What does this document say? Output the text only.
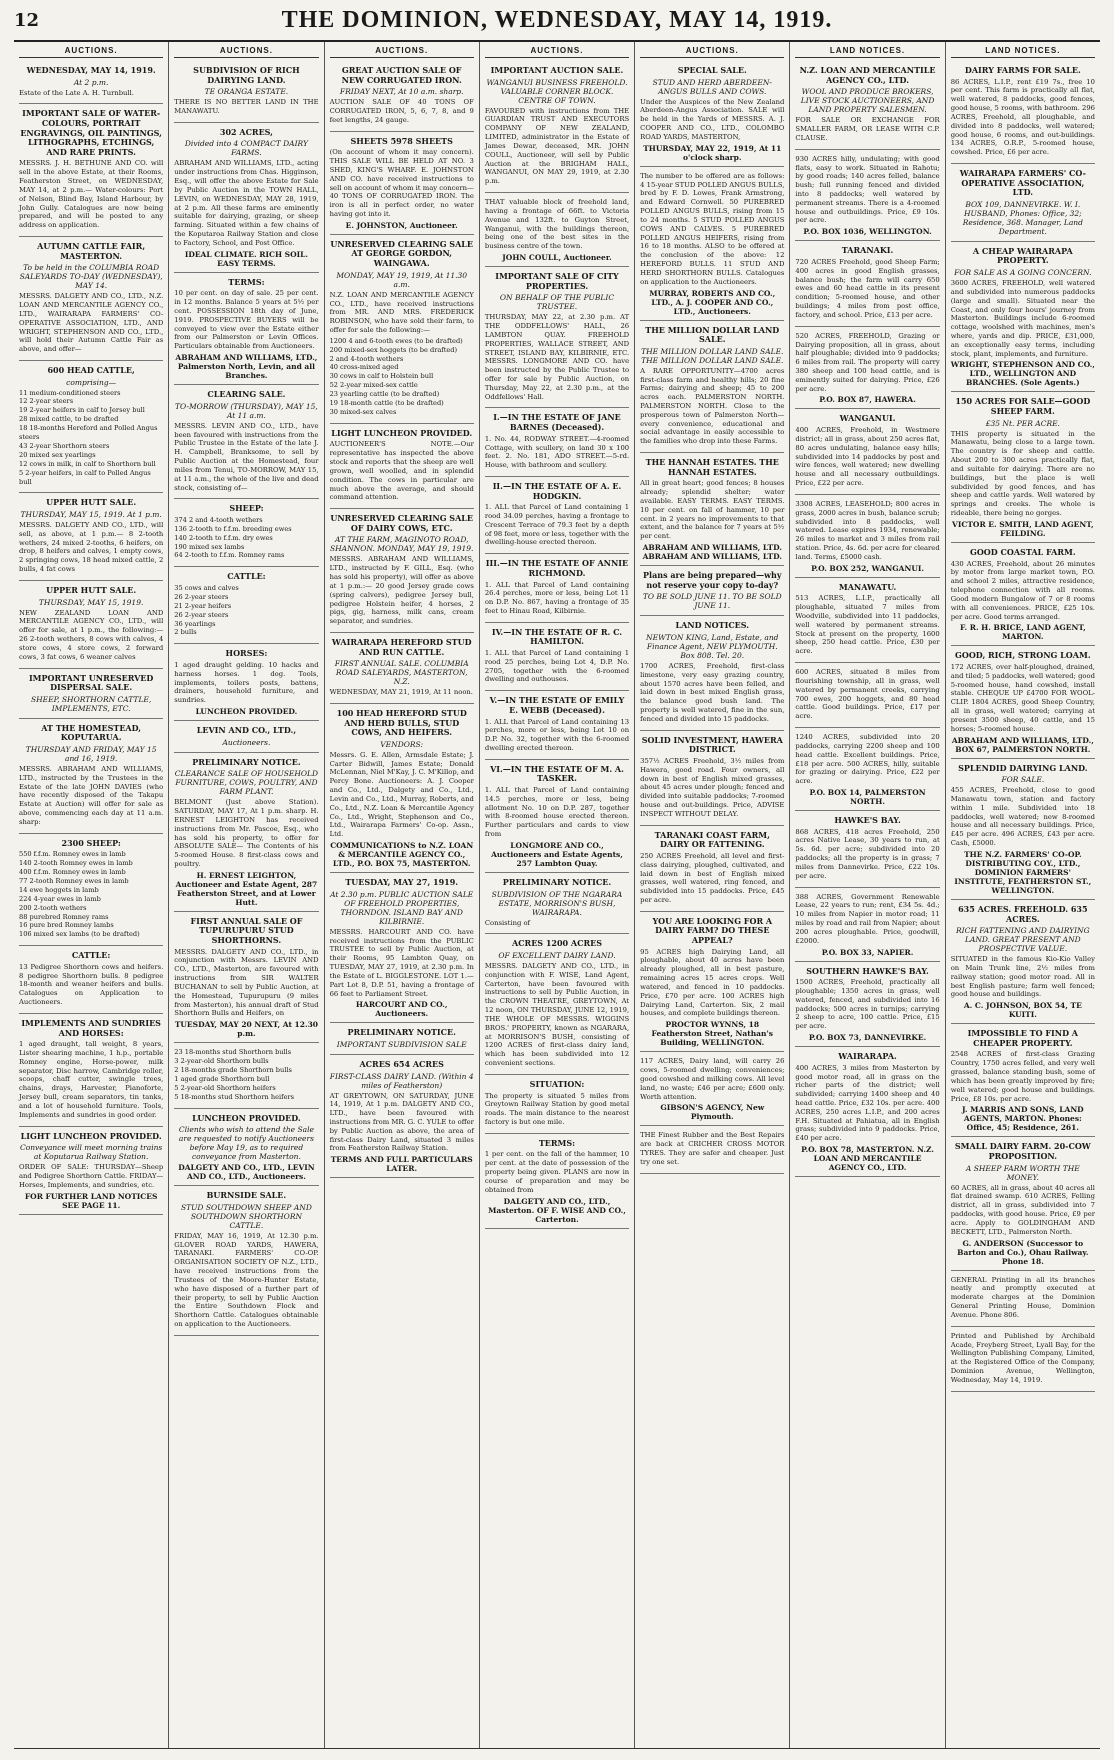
12	THE DOMINION, WEDNESDAY, MAY 14, 1919.
AUCTIONS.
WEDNESDAY, MAY 14, 1919.
At 2 p.m.
Estate of the Late A. H. Turnbull.
IMPORTANT SALE OF WATER-COLOURS, PORTRAIT ENGRAVINGS, OIL PAINTINGS, LITHOGRAPHS, ETCHINGS, AND RARE PRINTS.
MESSRS. J. H. BETHUNE AND CO. will sell in the above Estate, at their Rooms, Featherston Street, on WEDNESDAY, MAY 14, at 2 p.m.— Water-colours: Port of Nelson, Blind Bay, Island Harbour, by John Gully. Catalogues are now being prepared, and will be posted to any address on application.
AUTUMN CATTLE FAIR, MASTERTON.
To be held in the COLUMBIA ROAD SALEYARDS TO-DAY (WEDNESDAY), MAY 14.
MESSRS. DALGETY AND CO., LTD., N.Z. LOAN AND MERCANTILE AGENCY CO., LTD., WAIRARAPA FARMERS' CO-OPERATIVE ASSOCIATION, LTD., AND WRIGHT, STEPHENSON AND CO., LTD., will hold their Autumn Cattle Fair as above, and offer—
600 HEAD CATTLE,
comprising—
11 medium-conditioned steers
12 2-year steers
19 2-year heifers in calf to Jersey bull
28 mixed cattle, to be drafted
18 18-months Hereford and Polled Angus steers
43 2-year Shorthorn steers
20 mixed sex yearlings
12 cows in milk, in calf to Shorthorn bull
5 2-year heifers, in calf to Polled Angus bull
UPPER HUTT SALE.
THURSDAY, MAY 15, 1919. At 1 p.m.
MESSRS. DALGETY AND CO., LTD., will sell, as above, at 1 p.m.— 8 2-tooth wethers, 24 mixed 2-tooths, 6 heifers, on drop, 8 heifers and calves, 1 empty cows, 2 springing cows, 18 head mixed cattle, 2 bulls, 4 fat cows
UPPER HUTT SALE.
THURSDAY, MAY 15, 1919.
NEW ZEALAND LOAN AND MERCANTILE AGENCY CO., LTD., will offer for sale, at 1 p.m., the following:— 26 2-tooth wethers, 8 cows with calves, 4 store cows, 4 store cows, 2 forward cows, 3 fat cows, 6 weaner calves
IMPORTANT UNRESERVED DISPERSAL SALE.
SHEEP, SHORTHORN CATTLE, IMPLEMENTS, ETC.
AT THE HOMESTEAD, KOPUTARUA.
THURSDAY AND FRIDAY, MAY 15 and 16, 1919.
MESSRS. ABRAHAM AND WILLIAMS, LTD., instructed by the Trustees in the Estate of the late JOHN DAVIES (who have recently disposed of the Takapu Estate at Auction) will offer for sale as above, commencing each day at 11 a.m. sharp:
2300 SHEEP:
550 f.f.m. Romney ewes in lamb
140 2-tooth Romney ewes in lamb
400 f.f.m. Romney ewes in lamb
77 2-tooth Romney ewes in lamb
14 ewe hoggets in lamb
224 4-year ewes in lamb
200 2-tooth wethers
88 purebred Romney rams
16 pure bred Romney lambs
106 mixed sex lambs (to be drafted)
CATTLE:
13 Pedigree Shorthorn cows and heifers. 8 pedigree Shorthorn bulls. 8 pedigree 18-month and weaner heifers and bulls. Catalogues on Application to Auctioneers.
IMPLEMENTS AND SUNDRIES AND HORSES:
1 aged draught, tall weight, 8 years, Lister shearing machine, 1 h.p., portable Romney engine, Horse-power, milk separator, Disc harrow, Cambridge roller, scoops, chaff cutter, swingle trees, chains, drays, Harvester, Pianoforte, Jersey bull, cream separators, tin tanks, and a lot of household furniture. Tools, Implements and sundries in good order.
LIGHT LUNCHEON PROVIDED.
Conveyance will meet morning trains at Koputarua Railway Station.
ORDER OF SALE: THURSDAY—Sheep and Pedigree Shorthorn Cattle. FRIDAY—Horses, Implements, and sundries, etc.
FOR FURTHER LAND NOTICES SEE PAGE 11.
AUCTIONS.
SUBDIVISION OF RICH DAIRYING LAND.
TE ORANGA ESTATE.
THERE IS NO BETTER LAND IN THE MANAWATU.
302 ACRES,
Divided into 4 COMPACT DAIRY FARMS.
ABRAHAM AND WILLIAMS, LTD., acting under instructions from Chas. Higginson, Esq., will offer the above Estate for Sale by Public Auction in the TOWN HALL, LEVIN, on WEDNESDAY, MAY 28, 1919, at 2 p.m. All these farms are eminently suitable for dairying, grazing, or sheep farming. Situated within a few chains of the Koputaroa Railway Station and close to Factory, School, and Post Office.
IDEAL CLIMATE. RICH SOIL. EASY TERMS.
TERMS:
10 per cent. on day of sale. 25 per cent. in 12 months. Balance 5 years at 5½ per cent. POSSESSION 18th day of June, 1919. PROSPECTIVE BUYERS will be conveyed to view over the Estate either from our Palmerston or Levin Offices. Particulars obtainable from Auctioneers.
ABRAHAM AND WILLIAMS, LTD., Palmerston North, Levin, and all Branches.
CLEARING SALE.
TO-MORROW (THURSDAY), MAY 15, At 11 a.m.
MESSRS. LEVIN AND CO., LTD., have been favoured with instructions from the Public Trustee in the Estate of the late J. H. Campbell, Branksome, to sell by Public Auction at the Homestead, four miles from Tenui, TO-MORROW, MAY 15, at 11 a.m., the whole of the live and dead stock, consisting of—
SHEEP:
374 2 and 4-tooth wethers
136 2-tooth to f.f.m. breeding ewes
140 2-tooth to f.f.m. dry ewes
190 mixed sex lambs
64 2-tooth to f.f.m. Romney rams
CATTLE:
35 cows and calves
26 2-year steers
21 2-year heifers
26 2-year steers
36 yearlings
2 bulls
HORSES:
1 aged draught gelding. 10 hacks and harness horses. 1 dog. Tools, implements, toilers posts, battens, drainers, household furniture, and sundries.
LUNCHEON PROVIDED.
LEVIN AND CO., LTD.,
Auctioneers.
PRELIMINARY NOTICE.
CLEARANCE SALE OF HOUSEHOLD FURNITURE, COWS, POULTRY, AND FARM PLANT.
BELMONT (Just above Station). SATURDAY, MAY 17, At 1 p.m. sharp. H. ERNEST LEIGHTON has received instructions from Mr. Pascoe, Esq., who has sold his property, to offer for ABSOLUTE SALE— The Contents of his 5-roomed House. 8 first-class cows and poultry.
H. ERNEST LEIGHTON, Auctioneer and Estate Agent, 287 Featherston Street, and at Lower Hutt.
FIRST ANNUAL SALE OF TUPURUPURU STUD SHORTHORNS.
MESSRS. DALGETY AND CO., LTD., in conjunction with Messrs. LEVIN AND CO., LTD., Masterton, are favoured with instructions from SIR WALTER BUCHANAN to sell by Public Auction, at the Homestead, Tupurupuru (9 miles from Masterton), his annual draft of Stud Shorthorn Bulls and Heifers, on
TUESDAY, MAY 20 NEXT, At 12.30 p.m.
23 18-months stud Shorthorn bulls
3 2-year-old Shorthorn bulls
2 18-months grade Shorthorn bulls
1 aged grade Shorthorn bull
5 2-year-old Shorthorn heifers
5 18-months stud Shorthorn heifers
LUNCHEON PROVIDED.
Clients who wish to attend the Sale are requested to notify Auctioneers before May 19, as to required conveyance from Masterton.
DALGETY AND CO., LTD., LEVIN AND CO., LTD., Auctioneers.
BURNSIDE SALE.
STUD SOUTHDOWN SHEEP AND SOUTHDOWN SHORTHORN CATTLE.
FRIDAY, MAY 16, 1919, At 12.30 p.m. GLOVER ROAD YARDS, HAWERA, TARANAKI. FARMERS' CO-OP. ORGANISATION SOCIETY OF N.Z., LTD., have received instructions from the Trustees of the Moore-Hunter Estate, who have disposed of a further part of their property, to sell by Public Auction the Entire Southdown Flock and Shorthorn Cattle. Catalogues obtainable on application to the Auctioneers.
AUCTIONS.
GREAT AUCTION SALE OF NEW CORRUGATED IRON.
FRIDAY NEXT, At 10 a.m. sharp.
AUCTION SALE OF 40 TONS OF CORRUGATED IRON, 5, 6, 7, 8, and 9 feet lengths, 24 gauge.
SHEETS 5978 SHEETS
(On account of whom it may concern). THIS SALE WILL BE HELD AT NO. 3 SHED, KING'S WHARF. E. JOHNSTON AND CO. have received instructions to sell on account of whom it may concern— 40 TONS OF CORRUGATED IRON. The iron is all in perfect order, no water having got into it.
E. JOHNSTON, Auctioneer.
UNRESERVED CLEARING SALE AT GEORGE GORDON, WAINGAWA.
MONDAY, MAY 19, 1919, At 11.30 a.m.
N.Z. LOAN AND MERCANTILE AGENCY CO., LTD., have received instructions from MR. AND MRS. FREDERICK ROBINSON, who have sold their farm, to offer for sale the following:—
1200 4 and 6-tooth ewes (to be drafted)
200 mixed-sex hoggets (to be drafted)
2 and 4-tooth wethers
40 cross-mixed aged
30 cows in calf to Holstein bull
52 2-year mixed-sex cattle
23 yearling cattle (to be drafted)
19 18-month cattle (to be drafted)
30 mixed-sex calves
LIGHT LUNCHEON PROVIDED.
AUCTIONEER'S NOTE.—Our representative has inspected the above stock and reports that the sheep are well grown, well woolled, and in splendid condition. The cows in particular are much above the average, and should command attention.
UNRESERVED CLEARING SALE OF DAIRY COWS, ETC.
AT THE FARM, MAGINOTO ROAD, SHANNON. MONDAY, MAY 19, 1919.
MESSRS. ABRAHAM AND WILLIAMS, LTD., instructed by F. GILL, Esq. (who has sold his property), will offer as above at 1 p.m.:— 20 good Jersey grade cows (spring calvers), pedigree Jersey bull, pedigree Holstein heifer, 4 horses, 2 pigs, gig, harness, milk cans, cream separator, and sundries.
WAIRARAPA HEREFORD STUD AND RUN CATTLE.
FIRST ANNUAL SALE. COLUMBIA ROAD SALEYARDS, MASTERTON, N.Z.
WEDNESDAY, MAY 21, 1919, At 11 noon.
100 HEAD HEREFORD STUD AND HERD BULLS, STUD COWS, AND HEIFERS.
VENDORS:
Messrs. G. E. Allen, Armsdale Estate; J. Carter Bidwill, James Estate; Donald McLennan, Niel M'Kay, J. C. M'Killop, and Percy Bone. Auctioneers: A. J. Cooper and Co., Ltd., Dalgety and Co., Ltd., Levin and Co., Ltd., Murray, Roberts, and Co., Ltd., N.Z. Loan & Mercantile Agency Co., Ltd., Wright, Stephenson and Co., Ltd., Wairarapa Farmers' Co-op. Assn., Ltd.
COMMUNICATIONS to N.Z. LOAN & MERCANTILE AGENCY CO., LTD., P.O. BOX 75, MASTERTON.
TUESDAY, MAY 27, 1919.
At 2.30 p.m. PUBLIC AUCTION SALE OF FREEHOLD PROPERTIES, THORNDON. ISLAND BAY AND KILBIRNIE.
MESSRS. HARCOURT AND CO. have received instructions from the PUBLIC TRUSTEE to sell by Public Auction, at their Rooms, 95 Lambton Quay, on TUESDAY, MAY 27, 1919, at 2.30 p.m. In the Estate of L. BIGGLESTONE. LOT 1.—Part Lot 8, D.P. 51, having a frontage of 66 feet to Parliament Street.
HARCOURT AND CO., Auctioneers.
PRELIMINARY NOTICE.
IMPORTANT SUBDIVISION SALE
ACRES 654 ACRES
FIRST-CLASS DAIRY LAND. (Within 4 miles of Featherston)
AT GREYTOWN, ON SATURDAY, JUNE 14, 1919, At 1 p.m. DALGETY AND CO., LTD., have been favoured with instructions from MR. G. C. YULE to offer by Public Auction as above, the area of first-class Dairy Land, situated 3 miles from Featherston Railway Station.
TERMS AND FULL PARTICULARS LATER.
AUCTIONS.
IMPORTANT AUCTION SALE.
WANGANUI BUSINESS FREEHOLD. VALUABLE CORNER BLOCK. CENTRE OF TOWN.
FAVOURED with instructions from THE GUARDIAN TRUST AND EXECUTORS COMPANY OF NEW ZEALAND, LIMITED, administrator in the Estate of James Dewar, deceased, MR. JOHN COULL, Auctioneer, will sell by Public Auction at the BRIGHAM HALL, WANGANUI, ON MAY 29, 1919, at 2.30 p.m.
THAT valuable block of freehold land, having a frontage of 66ft. to Victoria Avenue and 132ft. to Guyton Street, Wanganui, with the buildings thereon, being one of the best sites in the business centre of the town.
JOHN COULL, Auctioneer.
IMPORTANT SALE OF CITY PROPERTIES.
ON BEHALF OF THE PUBLIC TRUSTEE.
THURSDAY, MAY 22, at 2.30 p.m. AT THE ODDFELLOWS' HALL, 26 LAMBTON QUAY. FREEHOLD PROPERTIES, WALLACE STREET, AND STREET, ISLAND BAY, KILBIRNIE, ETC. MESSRS. LONGMORE AND CO. have been instructed by the Public Trustee to offer for sale by Public Auction, on Thursday, May 22, at 2.30 p.m., at the Oddfellows' Hall.
I.—IN THE ESTATE OF JANE BARNES (Deceased).
1. No. 44, RODWAY STREET.—4-roomed Cottage, with scullery, on land 30 x 100 feet. 2. No. 181, ADO STREET.—5-rd. House, with bathroom and scullery.
II.—IN THE ESTATE OF A. E. HODGKIN.
1. ALL that Parcel of Land containing 1 rood 34.09 perches, having a frontage to Crescent Terrace of 79.3 feet by a depth of 98 feet, more or less, together with the dwelling-house erected thereon.
III.—IN THE ESTATE OF ANNIE RICHMOND.
1. ALL that Parcel of Land containing 26.4 perches, more or less, being Lot 11 on D.P. No. 867, having a frontage of 35 feet to Hinau Road, Kilbirnie.
IV.—IN THE ESTATE OF R. C. HAMILTON.
1. ALL that Parcel of Land containing 1 rood 25 perches, being Lot 4, D.P. No. 2705, together with the 6-roomed dwelling and outhouses.
V.—IN THE ESTATE OF EMILY E. WEBB (Deceased).
1. ALL that Parcel of Land containing 13 perches, more or less, being Lot 10 on D.P. No. 32, together with the 6-roomed dwelling erected thereon.
VI.—IN THE ESTATE OF M. A. TASKER.
1. ALL that Parcel of Land containing 14.5 perches, more or less, being allotment No. 10 on D.P. 287, together with 8-roomed house erected thereon. Further particulars and cards to view from
LONGMORE AND CO., Auctioneers and Estate Agents, 257 Lambton Quay.
PRELIMINARY NOTICE.
SUBDIVISION OF THE NGARARA ESTATE, MORRISON'S BUSH, WAIRARAPA.
Consisting of
ACRES 1200 ACRES
OF EXCELLENT DAIRY LAND.
MESSRS. DALGETY AND CO., LTD., in conjunction with F. WISE, Land Agent, Carterton, have been favoured with instructions to sell by Public Auction, in the CROWN THEATRE, GREYTOWN, At 12 noon, ON THURSDAY, JUNE 12, 1919, THE WHOLE OF MESSRS. WIGGINS BROS.' PROPERTY, known as NGARARA, at MORRISON'S BUSH, consisting of 1200 ACRES of first-class dairy land, which has been subdivided into 12 convenient sections.
SITUATION:
The property is situated 5 miles from Greytown Railway Station by good metal roads. The main distance to the nearest factory is but one mile.
TERMS:
1 per cent. on the fall of the hammer, 10 per cent. at the date of possession of the property being given. PLANS are now in course of preparation and may be obtained from
DALGETY AND CO., LTD., Masterton. OF F. WISE AND CO., Carterton.
AUCTIONS.
SPECIAL SALE.
STUD AND HERD ABERDEEN-ANGUS BULLS AND COWS.
Under the Auspices of the New Zealand Aberdeen-Angus Association. SALE will be held in the Yards of MESSRS. A. J. COOPER AND CO., LTD., COLOMBO ROAD YARDS, MASTERTON,
THURSDAY, MAY 22, 1919, At 11 o'clock sharp.
The number to be offered are as follows: 4 15-year STUD POLLED ANGUS BULLS, bred by F. D. Lowes, Frank Armstrong, and Edward Cornwell. 50 PUREBRED POLLED ANGUS BULLS, rising from 15 to 24 months. 5 STUD POLLED ANGUS COWS AND CALVES. 5 PUREBRED POLLED ANGUS HEIFERS, rising from 16 to 18 months. ALSO to be offered at the conclusion of the above: 12 HEREFORD BULLS. 11 STUD AND HERD SHORTHORN BULLS. Catalogues on application to the Auctioneers.
MURRAY, ROBERTS AND CO., LTD., A. J. COOPER AND CO., LTD., Auctioneers.
THE MILLION DOLLAR LAND SALE.
THE MILLION DOLLAR LAND SALE. THE MILLION DOLLAR LAND SALE.
A RARE OPPORTUNITY—4700 acres first-class farm and healthy hills; 20 fine Farms; dairying and sheep; 45 to 200 acres each. PALMERSTON NORTH. PALMERSTON NORTH. Close to the prosperous town of Palmerston North—every convenience, educational and social advantage in easily accessible to the families who drop into these Farms.
THE HANNAH ESTATES. THE HANNAH ESTATES.
All in great heart; good fences; 8 houses already; splendid shelter; water available. EASY TERMS. EASY TERMS. 10 per cent. on fall of hammer, 10 per cent. in 2 years no improvements to that extent, and the balance for 7 years at 5½ per cent.
ABRAHAM AND WILLIAMS, LTD. ABRAHAM AND WILLIAMS, LTD.
Plans are being prepared—why not reserve your copy to-day?
TO BE SOLD JUNE 11. TO BE SOLD JUNE 11.
LAND NOTICES.
NEWTON KING, Land, Estate, and Finance Agent, NEW PLYMOUTH. Box 808. Tel. 20.
1700 ACRES, Freehold, first-class limestone, very easy grazing country, about 1570 acres have been felled, and laid down in best mixed English grass, the balance good bush land. The property is well watered, fine in the sun, fenced and divided into 15 paddocks.
SOLID INVESTMENT, HAWERA DISTRICT.
357½ ACRES Freehold, 3½ miles from Hawera, good road. Four owners, all down in best of English mixed grasses, about 45 acres under plough; fenced and divided into suitable paddocks; 7-roomed house and out-buildings. Price, ADVISE INSPECT WITHOUT DELAY.
TARANAKI COAST FARM, DAIRY OR FATTENING.
250 ACRES Freehold, all level and first-class dairying, ploughed, cultivated, and laid down in best of English mixed grasses, well watered, ring fenced, and subdivided into 15 paddocks. Price, £45 per acre.
YOU ARE LOOKING FOR A DAIRY FARM? DO THESE APPEAL?
95 ACRES high Dairying Land, all ploughable, about 40 acres have been already ploughed, all in best pasture, remaining acres 15 acres crops. Well watered, and fenced in 10 paddocks. Price, £70 per acre. 100 ACRES high Dairying Land, Carterton. Six, 2 mail houses, and complete buildings thereon.
PROCTOR WYNNS, 18 Featherston Street, Nathan's Building, WELLINGTON.
117 ACRES, Dairy land, will carry 26 cows, 5-roomed dwelling; conveniences; good cowshed and milking cows. All level land, no waste; £46 per acre; £600 only. Worth attention.
GIBSON'S AGENCY, New Plymouth.
THE Finest Rubber and the Best Repairs are back at CRICHER CROSS MOTOR TYRES. They are safer and cheaper. Just try one set.
LAND NOTICES.
N.Z. LOAN AND MERCANTILE AGENCY CO., LTD.
WOOL AND PRODUCE BROKERS, LIVE STOCK AUCTIONEERS, AND LAND PROPERTY SALESMEN.
FOR SALE OR EXCHANGE FOR SMALLER FARM, OR LEASE WITH C.P. CLAUSE.
930 ACRES hilly, undulating; with good flats, easy to work. Situated in Rahotu; by good roads; 140 acres felled, balance bush; full running fenced and divided into 8 paddocks; well watered by permanent streams. There is a 4-roomed house and outbuildings. Price, £9 10s. per acre.
P.O. BOX 1036, WELLINGTON.
TARANAKI.
720 ACRES Freehold, good Sheep Farm; 400 acres in good English grasses, balance bush; the farm will carry 650 ewes and 60 head cattle in its present condition; 5-roomed house, and other buildings; 4 miles from post office, factory, and school. Price, £13 per acre.
520 ACRES, FREEHOLD, Grazing or Dairying proposition, all in grass, about half ploughable; divided into 9 paddocks; 6 miles from rail. The property will carry 380 sheep and 100 head cattle, and is eminently suited for dairying. Price, £26 per acre.
P.O. BOX 87, HAWERA.
WANGANUI.
400 ACRES, Freehold, in Westmere district; all in grass, about 250 acres flat, 80 acres undulating, balance easy hills; subdivided into 14 paddocks by post and wire fences, well watered; new dwelling house and all necessary outbuildings. Price, £22 per acre.
3308 ACRES, LEASEHOLD; 800 acres in grass, 2000 acres in bush, balance scrub; subdivided into 8 paddocks, well watered. Lease expires 1934, renewable; 26 miles to market and 3 miles from rail station. Price, 4s. 6d. per acre for cleared land. Terms, £5000 cash.
P.O. BOX 252, WANGANUI.
MANAWATU.
513 ACRES, L.I.P., practically all ploughable, situated 7 miles from Woodville, subdivided into 11 paddocks, well watered by permanent streams. Stock at present on the property, 1600 sheep, 250 head cattle. Price, £30 per acre.
600 ACRES, situated 8 miles from flourishing township, all in grass, well watered by permanent creeks, carrying 700 ewes, 200 hoggets, and 80 head cattle. Good buildings. Price, £17 per acre.
1240 ACRES, subdivided into 20 paddocks, carrying 2200 sheep and 100 head cattle. Excellent buildings. Price, £18 per acre. 500 ACRES, hilly, suitable for grazing or dairying. Price, £22 per acre.
P.O. BOX 14, PALMERSTON NORTH.
HAWKE'S BAY.
868 ACRES, 418 acres Freehold, 250 acres Native Lease, 30 years to run, at 5s. 6d. per acre; subdivided into 20 paddocks; all the property is in grass; 7 miles from Dannevirke. Price, £22 10s. per acre.
388 ACRES, Government Renewable Lease, 22 years to run; rent, £34 5s. 4d.; 10 miles from Napier in motor road; 11 miles by road and rail from Napier; about 200 acres ploughable. Price, goodwill, £2000.
P.O. BOX 33, NAPIER.
SOUTHERN HAWKE'S BAY.
1500 ACRES, Freehold, practically all ploughable; 1350 acres in grass, well watered, fenced, and subdivided into 16 paddocks; 500 acres in turnips; carrying 2 sheep to acre, 100 cattle. Price, £15 per acre.
P.O. BOX 73, DANNEVIRKE.
WAIRARAPA.
400 ACRES, 3 miles from Masterton by good motor road, all in grass on the richer parts of the district; well subdivided; carrying 1400 sheep and 40 head cattle. Price, £32 10s. per acre. 400 ACRES, 250 acres L.I.P., and 200 acres F.H. Situated at Pahiatua, all in English grass; subdivided into 9 paddocks. Price, £40 per acre.
P.O. BOX 78, MASTERTON. N.Z. LOAN AND MERCANTILE AGENCY CO., LTD.
LAND NOTICES.
DAIRY FARMS FOR SALE.
86 ACRES, L.I.P., rent £19 7s., free 10 per cent. This farm is practically all flat, well watered, 8 paddocks, good fences, good house, 5 rooms, with bathroom. 296 ACRES, Freehold, all ploughable, and divided into 8 paddocks, well watered; good house, 6 rooms, and out-buildings. 134 ACRES, O.R.P., 5-roomed house, cowshed. Price, £6 per acre.
WAIRARAPA FARMERS' CO-OPERATIVE ASSOCIATION, LTD.
BOX 109, DANNEVIRKE. W. I. HUSBAND, Phones: Office, 32; Residence, 368. Manager, Land Department.
A CHEAP WAIRARAPA PROPERTY.
FOR SALE AS A GOING CONCERN.
3600 ACRES, FREEHOLD, well watered and subdivided into numerous paddocks (large and small). Situated near the Coast, and only four hours' journey from Masterton. Buildings include 6-roomed cottage, woolshed with machines, men's where, yards and dip. PRICE, £31,000, an exceptionally easy terms, including stock, plant, implements, and furniture.
WRIGHT, STEPHENSON AND CO., LTD., WELLINGTON AND BRANCHES. (Sole Agents.)
150 ACRES FOR SALE—GOOD SHEEP FARM.
£35 Nt. PER ACRE.
THIS property is situated in the Manawatu, being close to a large town. The country is for sheep and cattle. About 200 to 300 acres practically flat, and suitable for dairying. There are no buildings, but the place is well subdivided by good fences, and has sheep and cattle yards. Well watered by springs and creeks. The whole is rideable, there being no gorges.
VICTOR E. SMITH, LAND AGENT, FEILDING.
GOOD COASTAL FARM.
430 ACRES, Freehold, about 26 minutes by motor from large market town, P.O. and school 2 miles, attractive residence, telephone connection with all rooms. Good modern Bungalow of 7 or 8 rooms with all conveniences. PRICE, £25 10s. per acre. Good terms arranged.
F. R. H. BRICE, LAND AGENT, MARTON.
GOOD, RICH, STRONG LOAM.
172 ACRES, over half-ploughed, drained, and tiled; 5 paddocks, well watered; good 5-roomed house, hand cowshed, install stable. CHEQUE UP £4700 FOR WOOL-CLIP. 1804 ACRES, good Sheep Country, all in grass, well watered; carrying at present 3500 sheep, 40 cattle, and 15 horses; 5-roomed house.
ABRAHAM AND WILLIAMS, LTD., BOX 67, PALMERSTON NORTH.
SPLENDID DAIRYING LAND.
FOR SALE.
455 ACRES, Freehold, close to good Manawatu town, station and factory within 1 mile. Subdivided into 18 paddocks, well watered; new 8-roomed house and all necessary buildings. Price, £45 per acre. 496 ACRES, £43 per acre. Cash, £5000.
THE N.Z. FARMERS' CO-OP. DISTRIBUTING COY., LTD., DOMINION FARMERS' INSTITUTE, FEATHERSTON ST., WELLINGTON.
635 ACRES. FREEHOLD. 635 ACRES.
RICH FATTENING AND DAIRYING LAND. GREAT PRESENT AND PROSPECTIVE VALUE.
SITUATED in the famous Kio-Kio Valley on Main Trunk line, 2½ miles from railway station; good motor road. All in best English pasture; farm well fenced; good house and buildings.
A. C. JOHNSON, BOX 54, TE KUITI.
IMPOSSIBLE TO FIND A CHEAPER PROPERTY.
2548 ACRES of first-class Grazing Country, 1750 acres felled, and very well grassed, balance standing bush, some of which has been greatly improved by fire; well watered; good house and buildings. Price, £8 10s. per acre.
J. MARRIS AND SONS, LAND AGENTS, MARTON. Phones: Office, 45; Residence, 261.
SMALL DAIRY FARM. 20-COW PROPOSITION.
A SHEEP FARM WORTH THE MONEY.
60 ACRES, all in grass, about 40 acres all flat drained swamp. 610 ACRES, Felling district, all in grass, subdivided into 7 paddocks, with good house. Price, £9 per acre. Apply to GOLDINGHAM AND BECKETT, LTD., Palmerston North.
G. ANDERSON (Successor to Barton and Co.), Ohau Railway. Phone 18.
GENERAL Printing in all its branches neatly and promptly executed at moderate charges at the Dominion General Printing House, Dominion Avenue. Phone 806.
Printed and Published by Archibald Acade, Freyberg Street, Lyall Bay, for the Wellington Publishing Company, Limited, at the Registered Office of the Company, Dominion Avenue, Wellington, Wednesday, May 14, 1919.
